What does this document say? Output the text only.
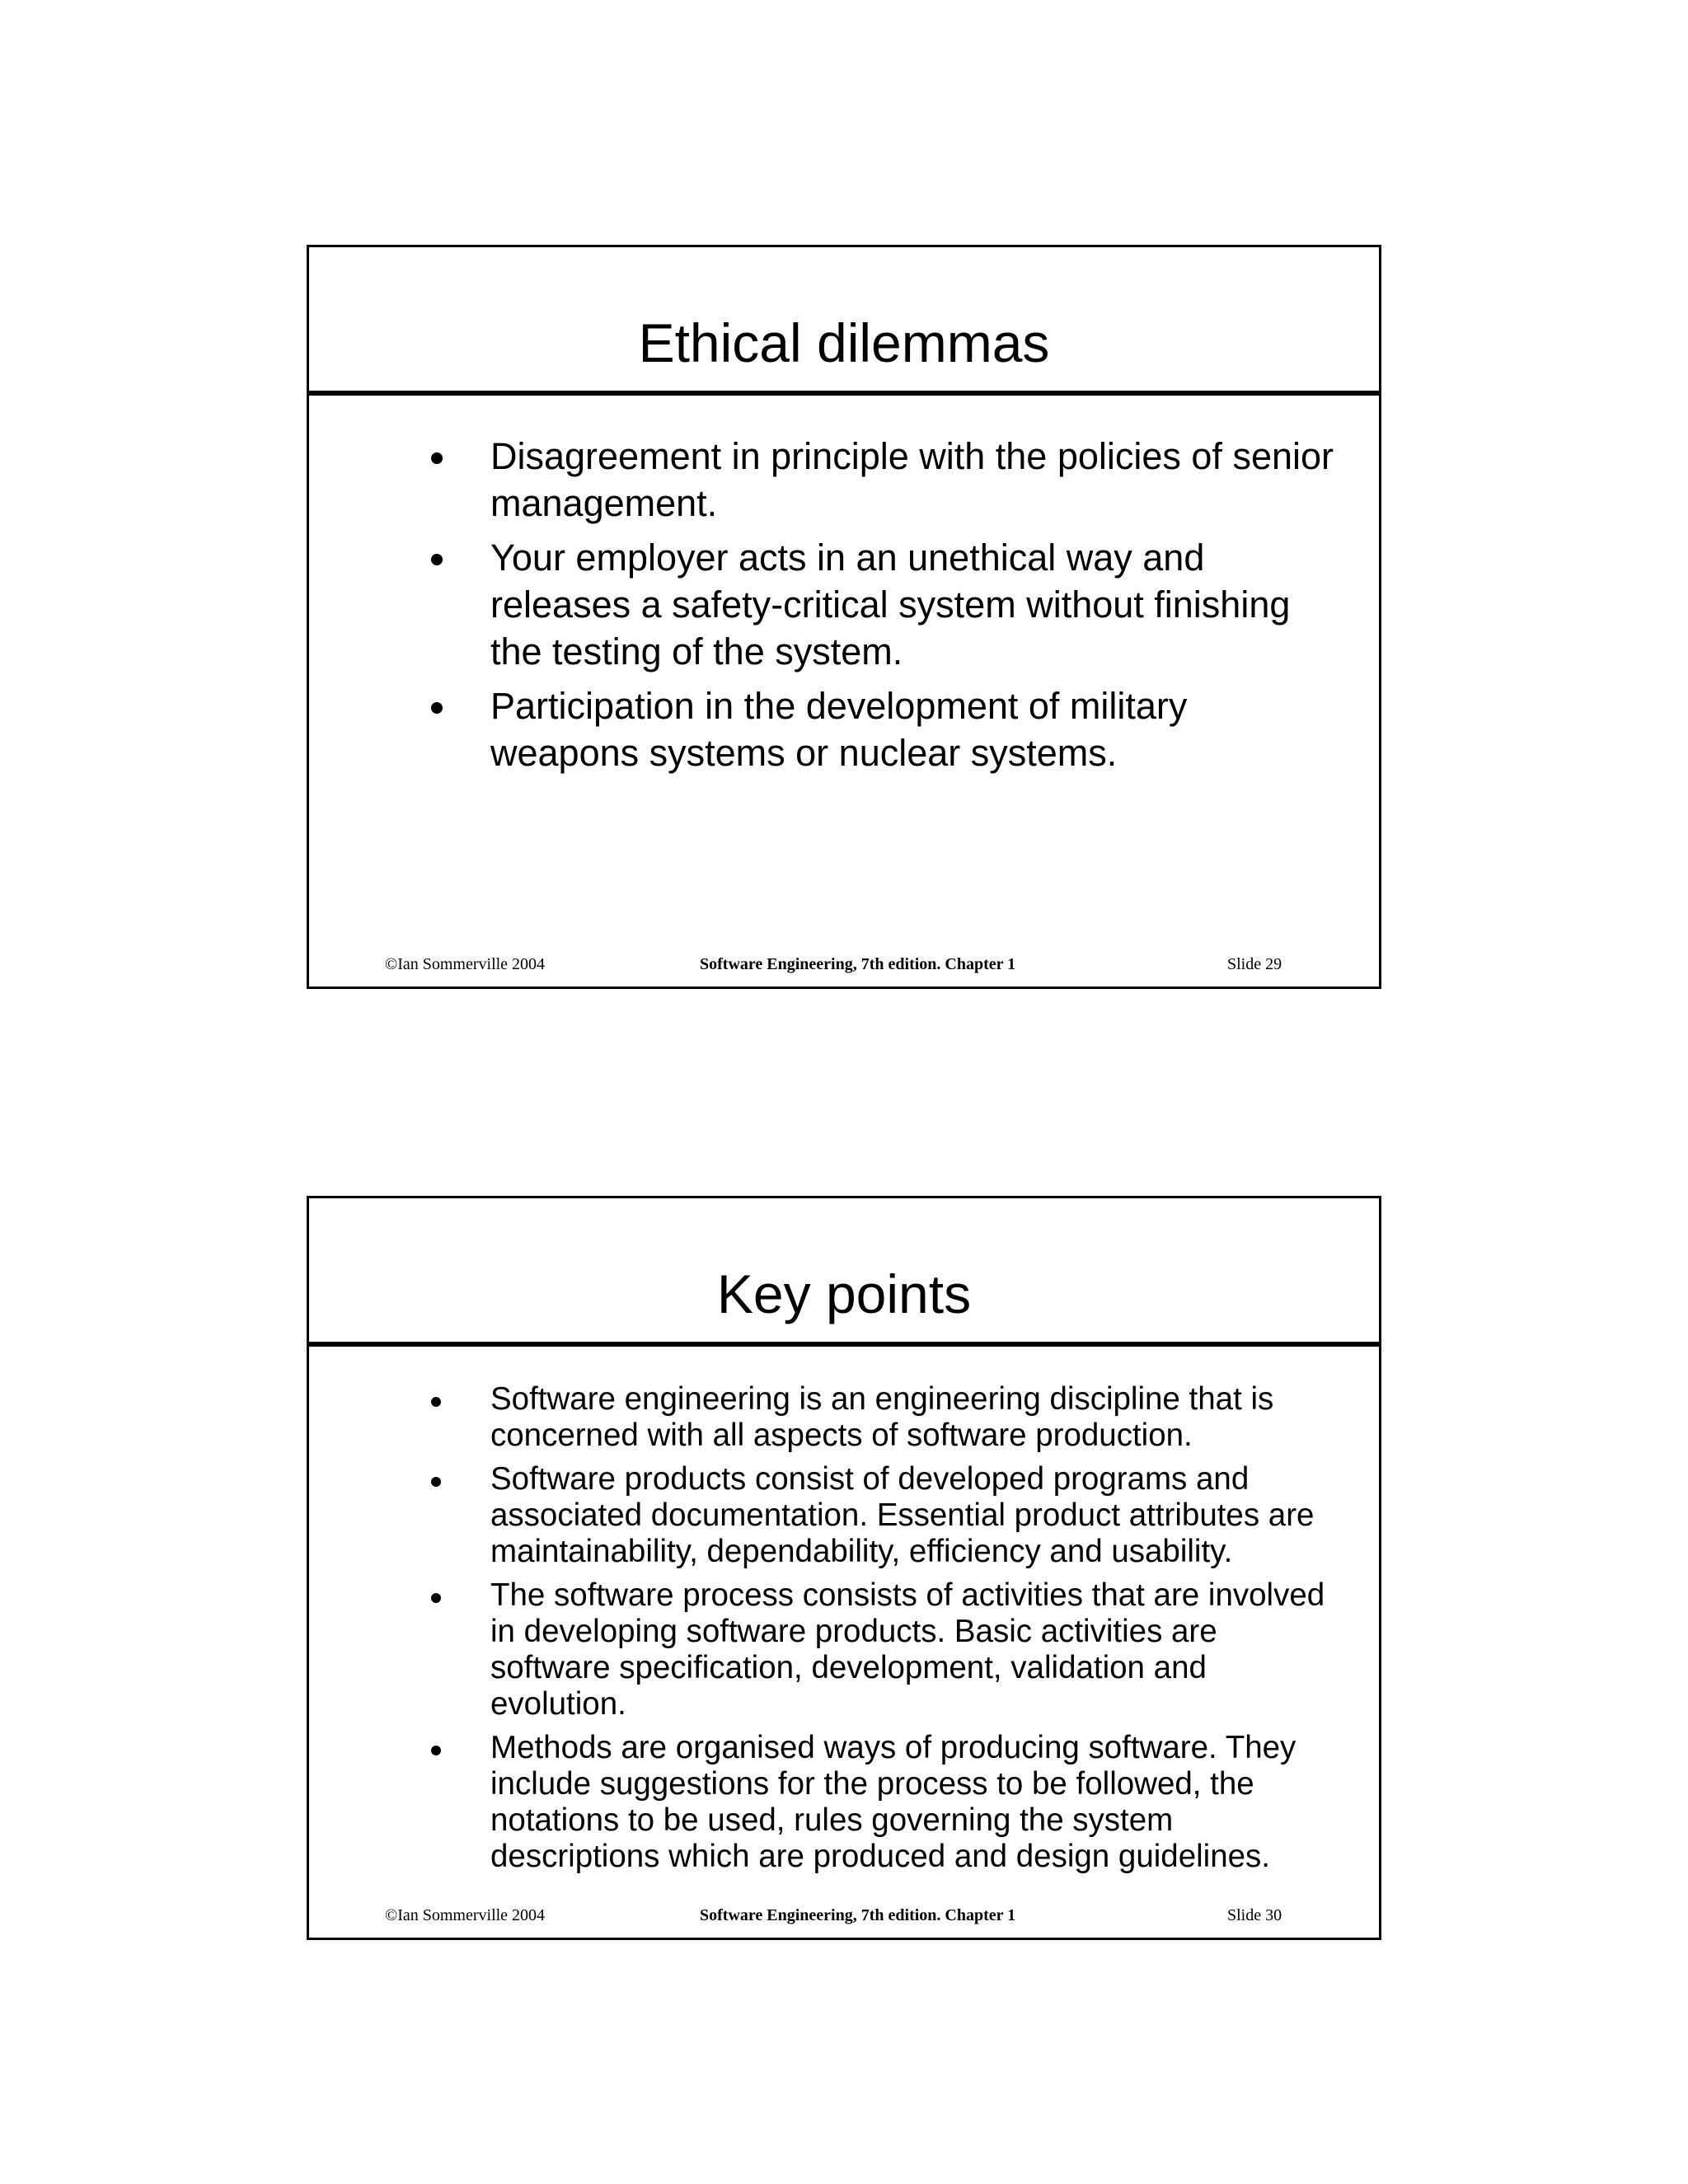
Ethical dilemmas
Disagreement in principle with the policies of senior management.
Your employer acts in an unethical way and releases a safety-critical system without finishing the testing of the system.
Participation in the development of military weapons systems or nuclear systems.
©Ian Sommerville 2004	Software Engineering, 7th edition. Chapter 1	Slide 29
Key points
Software engineering is an engineering discipline that is concerned with all aspects of software production.
Software products consist of developed programs and associated documentation. Essential product attributes are maintainability, dependability, efficiency and usability.
The software process consists of activities that are involved in developing software products. Basic activities are software specification, development, validation and evolution.
Methods are organised ways of producing software. They include suggestions for the process to be followed, the notations to be used, rules governing the system descriptions which are produced and design guidelines.
©Ian Sommerville 2004	Software Engineering, 7th edition. Chapter 1	Slide 30
